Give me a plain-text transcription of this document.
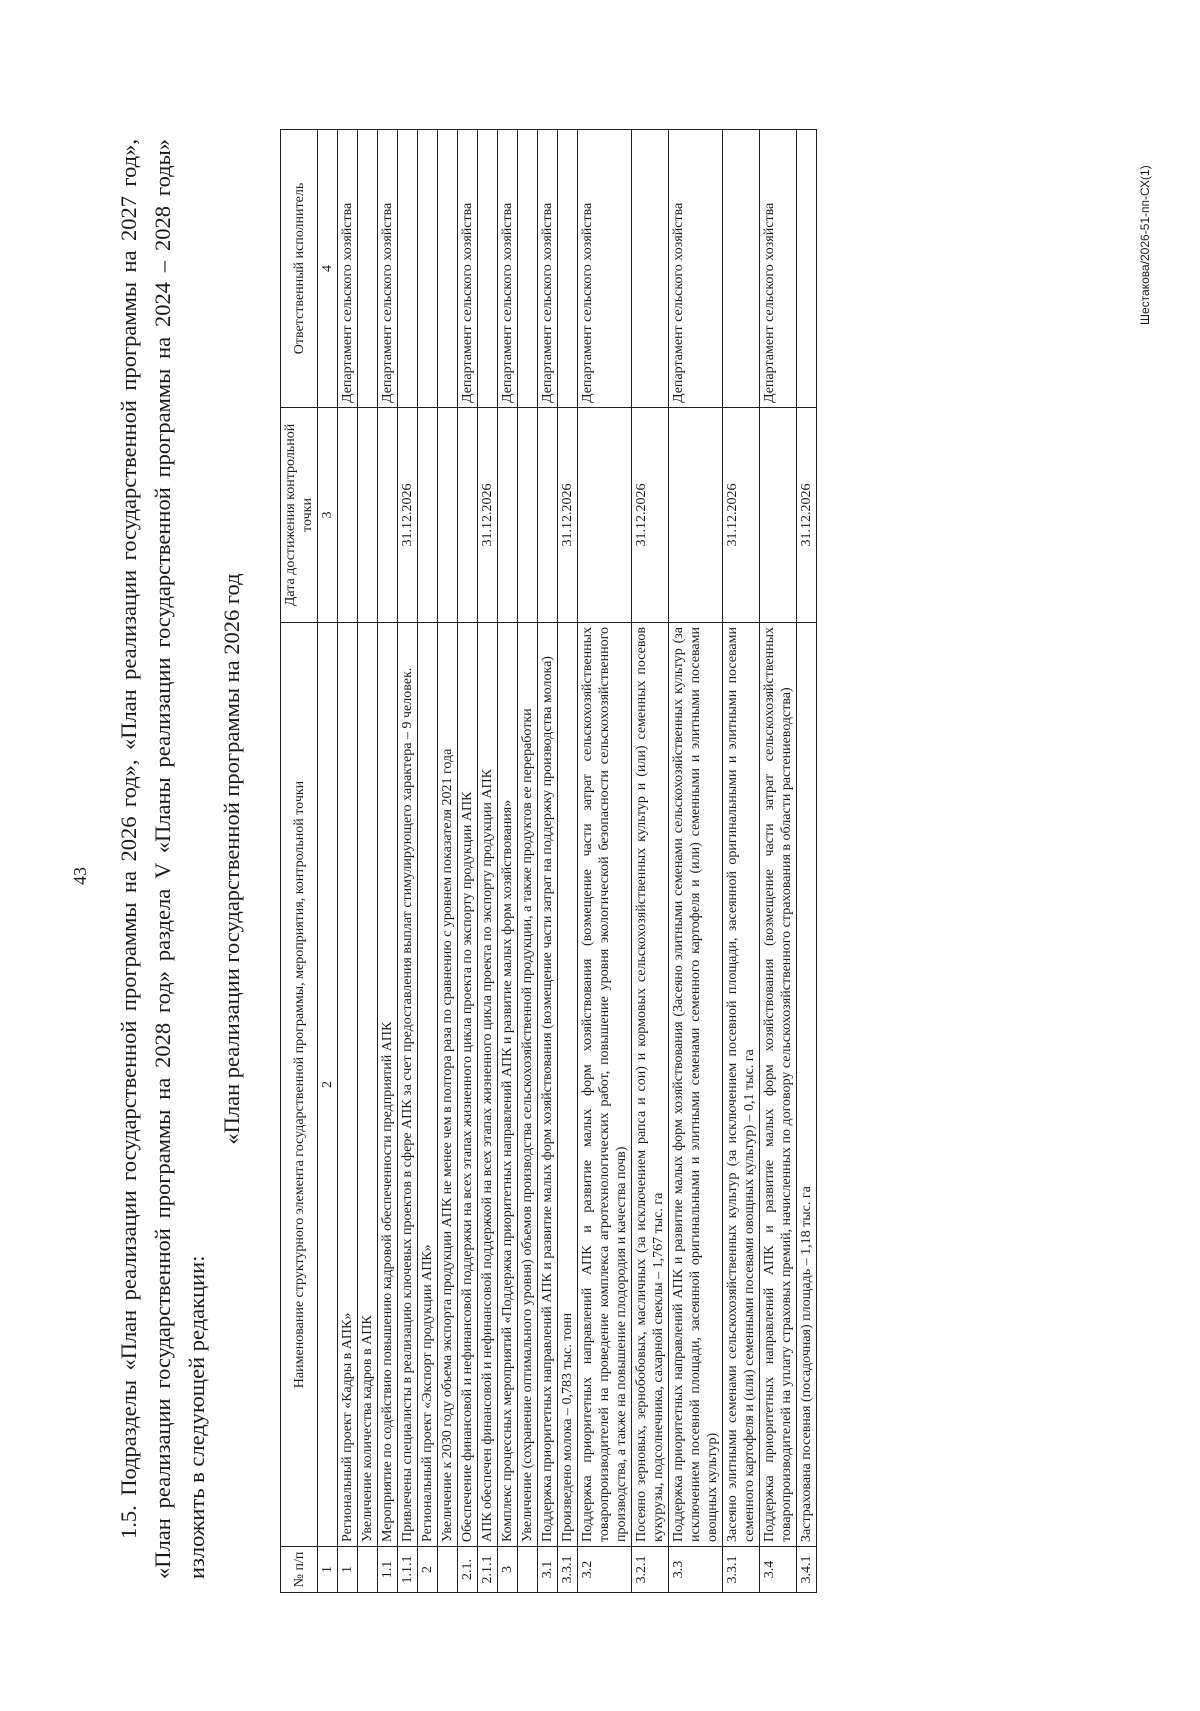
43 1.5. Подразделы «План реализации государственной программы на 2026 год», «План реализации государственной программы на 2027 год», «План реализации государственной программы на 2028 год» раздела V «Планы реализации государственной программы на 2024 – 2028 годы» изложить в следующей редакции:
«План реализации государственной программы на 2026 год
№ п/п	Наименование структурного элемента государственной программы, мероприятия, контрольной точки	Дата достижения контрольной точки	Ответственный исполнитель
1	2	3	4
1	Региональный проект «Кадры в АПК»		Департамент сельского хозяйства
	Увеличение количества кадров в АПК		
1.1	Мероприятие по содействию повышению кадровой обеспеченности предприятий АПК		Департамент сельского хозяйства
1.1.1	Привлечены специалисты в реализацию ключевых проектов в сфере АПК за счет предоставления выплат стимулирующего характера – 9 человек.	31.12.2026	
2	Региональный проект «Экспорт продукции АПК»		
	Увеличение к 2030 году объема экспорта продукции АПК не менее чем в полтора раза по сравнению с уровнем показателя 2021 года		
2.1.	Обеспечение финансовой и нефинансовой поддержки на всех этапах жизненного цикла проекта по экспорту продукции АПК		Департамент сельского хозяйства
2.1.1	АПК обеспечен финансовой и нефинансовой поддержкой на всех этапах жизненного цикла проекта по экспорту продукции АПК	31.12.2026	
3	Комплекс процессных мероприятий «Поддержка приоритетных направлений АПК и развитие малых форм хозяйствования»		Департамент сельского хозяйства
	Увеличение (сохранение оптимального уровня) объемов производства сельскохозяйственной продукции, а также продуктов ее переработки		
3.1	Поддержка приоритетных направлений АПК и развитие малых форм хозяйствования (возмещение части затрат на поддержку производства молока)		Департамент сельского хозяйства
3.3.1	Произведено молока – 0,783 тыс. тонн	31.12.2026	
3.2	Поддержка приоритетных направлений АПК и развитие малых форм хозяйствования (возмещение части затрат сельскохозяйственных товаропроизводителей на проведение комплекса агротехнологических работ, повышение уровня экологической безопасности сельскохозяйственного производства, а также на повышение плодородия и качества почв)		Департамент сельского хозяйства
3.2.1	Посеяно зерновых, зернобобовых, масличных (за исключением рапса и сои) и кормовых сельскохозяйственных культур и (или) семенных посевов кукурузы, подсолнечника, сахарной свеклы – 1,767 тыс. га	31.12.2026	
3.3	Поддержка приоритетных направлений АПК и развитие малых форм хозяйствования (Засеяно элитными семенами сельскохозяйственных культур (за исключением посевной площади, засеянной оригинальными и элитными семенами семенного картофеля и (или) семенными и элитными посевами овощных культур)		Департамент сельского хозяйства
3.3.1	Засеяно элитными семенами сельскохозяйственных культур (за исключением посевной площади, засеянной оригинальными и элитными посевами семенного картофеля и (или) семенными посевами овощных культур) – 0,1 тыс. га	31.12.2026	
3.4	Поддержка приоритетных направлений АПК и развитие малых форм хозяйствования (возмещение части затрат сельскохозяйственных товаропроизводителей на уплату страховых премий, начисленных по договору сельскохозяйственного страхования в области растениеводства)		Департамент сельского хозяйства
3.4.1	Застрахована посевная (посадочная) площадь – 1,18 тыс. га	31.12.2026	
Шестакова/2026-51-пп-СХ(1)
